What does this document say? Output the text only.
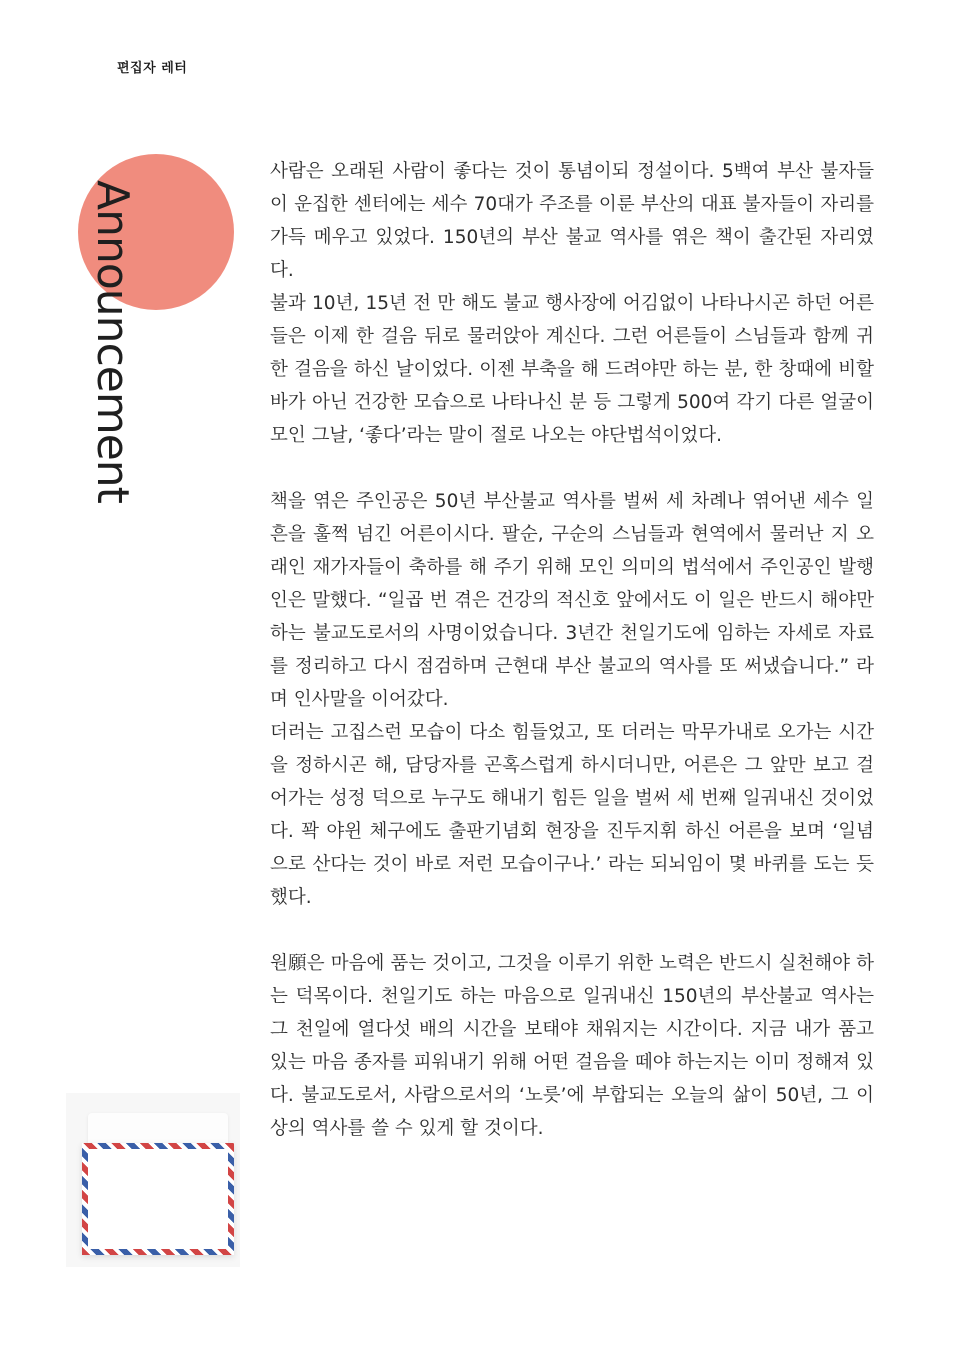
편집자 레터
Announcement

사람은 오래된 사람이 좋다는 것이 통념이되 정설이다. 5백여 부산 불자들이 운집한 센터에는 세수 70대가 주조를 이룬 부산의 대표 불자들이 자리를 가득 메우고 있었다. 150년의 부산 불교 역사를 엮은 책이 출간된 자리였다.

불과 10년, 15년 전 만 해도 불교 행사장에 어김없이 나타나시곤 하던 어른들은 이제 한 걸음 뒤로 물러앉아 계신다. 그런 어른들이 스님들과 함께 귀한 걸음을 하신 날이었다. 이젠 부축을 해 드려야만 하는 분, 한 창때에 비할 바가 아닌 건강한 모습으로 나타나신 분 등 그렇게 500여 각기 다른 얼굴이 모인 그날, ‘좋다’라는 말이 절로 나오는 야단법석이었다.

책을 엮은 주인공은 50년 부산불교 역사를 벌써 세 차례나 엮어낸 세수 일흔을 훌쩍 넘긴 어른이시다. 팔순, 구순의 스님들과 현역에서 물러난 지 오래인 재가자들이 축하를 해 주기 위해 모인 의미의 법석에서 주인공인 발행인은 말했다. “일곱 번 겪은 건강의 적신호 앞에서도 이 일은 반드시 해야만 하는 불교도로서의 사명이었습니다. 3년간 천일기도에 임하는 자세로 자료를 정리하고 다시 점검하며 근현대 부산 불교의 역사를 또 써냈습니다.” 라며 인사말을 이어갔다.

더러는 고집스런 모습이 다소 힘들었고, 또 더러는 막무가내로 오가는 시간을 정하시곤 해, 담당자를 곤혹스럽게 하시더니만, 어른은 그 앞만 보고 걸어가는 성정 덕으로 누구도 해내기 힘든 일을 벌써 세 번째 일궈내신 것이었다. 꽉 야윈 체구에도 출판기념회 현장을 진두지휘 하신 어른을 보며 ‘일념으로 산다는 것이 바로 저런 모습이구나.’ 라는 되뇌임이 몇 바퀴를 도는 듯했다.

원願은 마음에 품는 것이고, 그것을 이루기 위한 노력은 반드시 실천해야 하는 덕목이다. 천일기도 하는 마음으로 일궈내신 150년의 부산불교 역사는 그 천일에 열다섯 배의 시간을 보태야 채워지는 시간이다. 지금 내가 품고 있는 마음 종자를 피워내기 위해 어떤 걸음을 떼야 하는지는 이미 정해져 있다. 불교도로서, 사람으로서의 ‘노릇’에 부합되는 오늘의 삶이 50년, 그 이상의 역사를 쓸 수 있게 할 것이다.
